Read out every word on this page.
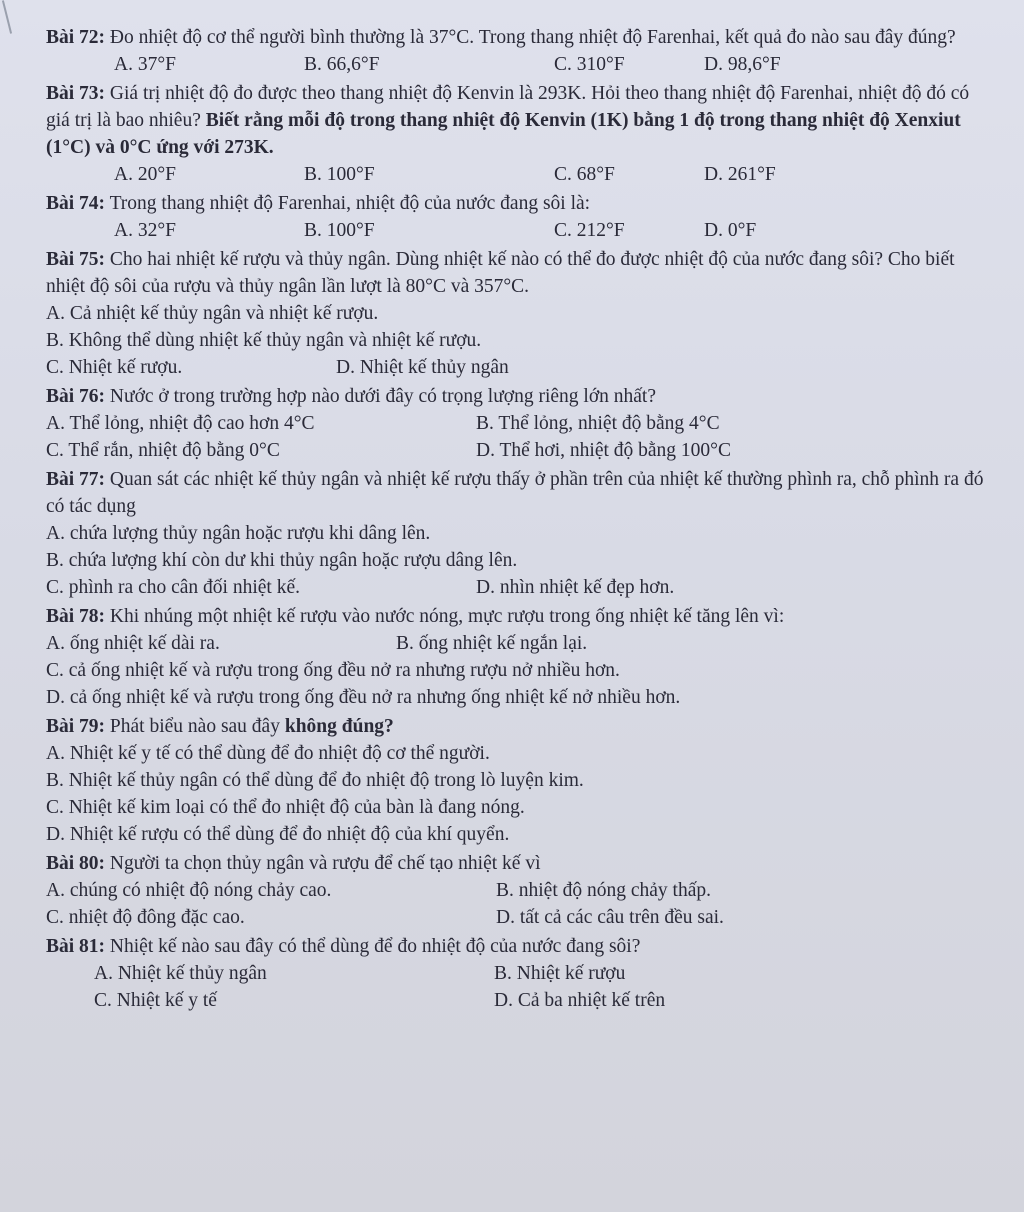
Bài 72: Đo nhiệt độ cơ thể người bình thường là 37°C. Trong thang nhiệt độ Farenhai, kết quả đo nào sau đây đúng?

A. 37°F	B. 66,6°F	C. 310°F	D. 98,6°F

Bài 73: Giá trị nhiệt độ đo được theo thang nhiệt độ Kenvin là 293K. Hỏi theo thang nhiệt độ Farenhai, nhiệt độ đó có giá trị là bao nhiêu? Biết rằng mỗi độ trong thang nhiệt độ Kenvin (1K) bằng 1 độ trong thang nhiệt độ Xenxiut (1°C) và 0°C ứng với 273K.

A. 20°F	B. 100°F	C. 68°F	D. 261°F

Bài 74: Trong thang nhiệt độ Farenhai, nhiệt độ của nước đang sôi là:

A. 32°F	B. 100°F	C. 212°F	D. 0°F

Bài 75: Cho hai nhiệt kế rượu và thủy ngân. Dùng nhiệt kế nào có thể đo được nhiệt độ của nước đang sôi? Cho biết nhiệt độ sôi của rượu và thủy ngân lần lượt là 80°C và 357°C.

A. Cả nhiệt kế thủy ngân và nhiệt kế rượu.
B. Không thể dùng nhiệt kế thủy ngân và nhiệt kế rượu.
C. Nhiệt kế rượu.	D. Nhiệt kế thủy ngân

Bài 76: Nước ở trong trường hợp nào dưới đây có trọng lượng riêng lớn nhất?

A. Thể lỏng, nhiệt độ cao hơn 4°C	B. Thể lỏng, nhiệt độ bằng 4°C
C. Thể rắn, nhiệt độ bằng 0°C	D. Thể hơi, nhiệt độ bằng 100°C

Bài 77: Quan sát các nhiệt kế thủy ngân và nhiệt kế rượu thấy ở phần trên của nhiệt kế thường phình ra, chỗ phình ra đó có tác dụng

A. chứa lượng thủy ngân hoặc rượu khi dâng lên.
B. chứa lượng khí còn dư khi thủy ngân hoặc rượu dâng lên.
C. phình ra cho cân đối nhiệt kế.	D. nhìn nhiệt kế đẹp hơn.

Bài 78: Khi nhúng một nhiệt kế rượu vào nước nóng, mực rượu trong ống nhiệt kế tăng lên vì:

A. ống nhiệt kế dài ra.	B. ống nhiệt kế ngắn lại.
C. cả ống nhiệt kế và rượu trong ống đều nở ra nhưng rượu nở nhiều hơn.
D. cả ống nhiệt kế và rượu trong ống đều nở ra nhưng ống nhiệt kế nở nhiều hơn.

Bài 79: Phát biểu nào sau đây không đúng?

A. Nhiệt kế y tế có thể dùng để đo nhiệt độ cơ thể người.
B. Nhiệt kế thủy ngân có thể dùng để đo nhiệt độ trong lò luyện kim.
C. Nhiệt kế kim loại có thể đo nhiệt độ của bàn là đang nóng.
D. Nhiệt kế rượu có thể dùng để đo nhiệt độ của khí quyển.

Bài 80: Người ta chọn thủy ngân và rượu để chế tạo nhiệt kế vì

A. chúng có nhiệt độ nóng chảy cao.	B. nhiệt độ nóng chảy thấp.
C. nhiệt độ đông đặc cao.	D. tất cả các câu trên đều sai.

Bài 81: Nhiệt kế nào sau đây có thể dùng để đo nhiệt độ của nước đang sôi?

A. Nhiệt kế thủy ngân	B. Nhiệt kế rượu
C. Nhiệt kế y tế	D. Cả ba nhiệt kế trên
